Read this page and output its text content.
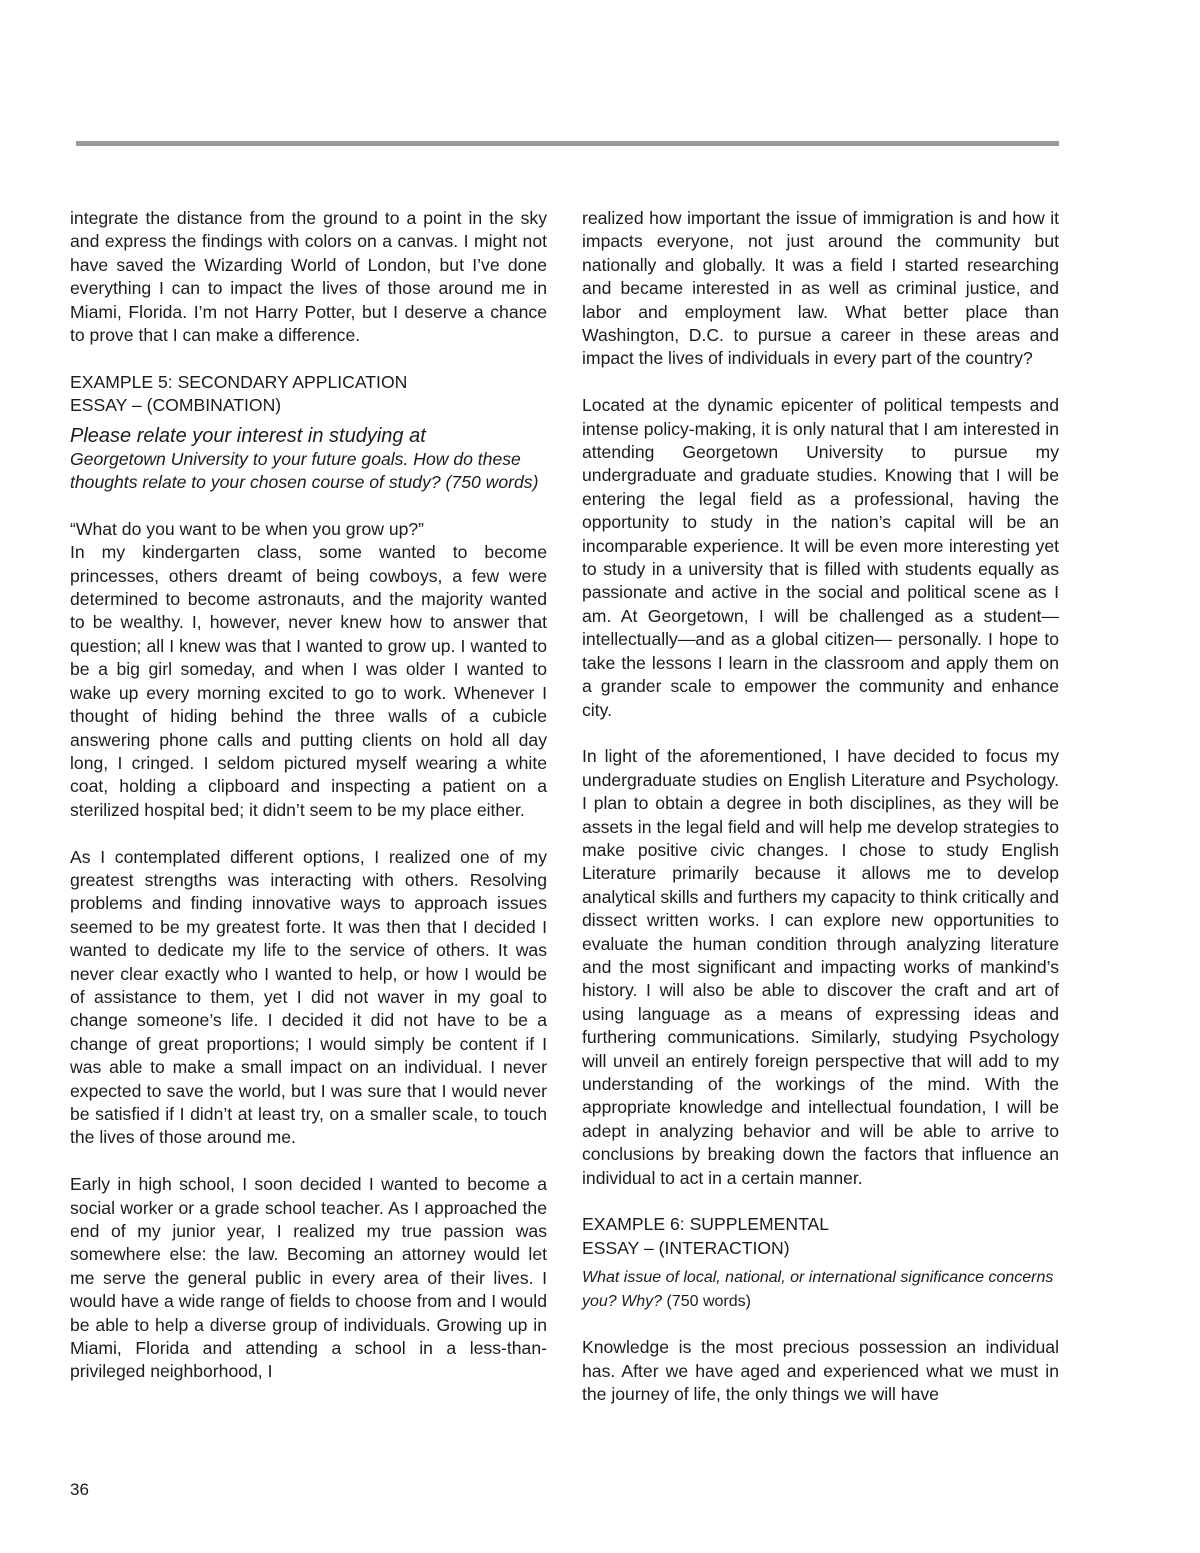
integrate the distance from the ground to a point in the sky and express the findings with colors on a canvas. I might not have saved the Wizarding World of London, but I’ve done everything I can to impact the lives of those around me in Miami, Florida. I’m not Harry Potter, but I deserve a chance to prove that I can make a difference.

EXAMPLE 5: SECONDARY APPLICATION
ESSAY – (COMBINATION)
Please relate your interest in studying at
Georgetown University to your future goals. How do these thoughts relate to your chosen course of study? (750 words)

“What do you want to be when you grow up?”

In my kindergarten class, some wanted to become princesses, others dreamt of being cowboys, a few were determined to become astronauts, and the majority wanted to be wealthy. I, however, never knew how to answer that question; all I knew was that I wanted to grow up. I wanted to be a big girl someday, and when I was older I wanted to wake up every morning excited to go to work. Whenever I thought of hiding behind the three walls of a cubicle answering phone calls and putting clients on hold all day long, I cringed. I seldom pictured myself wearing a white coat, holding a clipboard and inspecting a patient on a sterilized hospital bed; it didn’t seem to be my place either.

As I contemplated different options, I realized one of my greatest strengths was interacting with others. Resolving problems and finding innovative ways to approach issues seemed to be my greatest forte. It was then that I decided I wanted to dedicate my life to the service of others. It was never clear exactly who I wanted to help, or how I would be of assistance to them, yet I did not waver in my goal to change someone’s life. I decided it did not have to be a change of great proportions; I would simply be content if I was able to make a small impact on an individual. I never expected to save the world, but I was sure that I would never be satisfied if I didn’t at least try, on a smaller scale, to touch the lives of those around me.

Early in high school, I soon decided I wanted to become a social worker or a grade school teacher. As I approached the end of my junior year, I realized my true passion was somewhere else: the law. Becoming an attorney would let me serve the general public in every area of their lives. I would have a wide range of fields to choose from and I would be able to help a diverse group of individuals. Growing up in Miami, Florida and attending a school in a less-than- privileged neighborhood, I

realized how important the issue of immigration is and how it impacts everyone, not just around the community but nationally and globally. It was a field I started researching and became interested in as well as criminal justice, and labor and employment law. What better place than Washington, D.C. to pursue a career in these areas and impact the lives of individuals in every part of the country?

Located at the dynamic epicenter of political tempests and intense policy-making, it is only natural that I am interested in attending Georgetown University to pursue my undergraduate and graduate studies. Knowing that I will be entering the legal field as a professional, having the opportunity to study in the nation’s capital will be an incomparable experience. It will be even more interesting yet to study in a university that is filled with students equally as passionate and active in the social and political scene as I am. At Georgetown, I will be challenged as a student—intellectually—and as a global citizen— personally. I hope to take the lessons I learn in the classroom and apply them on a grander scale to empower the community and enhance city.

In light of the aforementioned, I have decided to focus my undergraduate studies on English Literature and Psychology. I plan to obtain a degree in both disciplines, as they will be assets in the legal field and will help me develop strategies to make positive civic changes. I chose to study English Literature primarily because it allows me to develop analytical skills and furthers my capacity to think critically and dissect written works. I can explore new opportunities to evaluate the human condition through analyzing literature and the most significant and impacting works of mankind’s history. I will also be able to discover the craft and art of using language as a means of expressing ideas and furthering communications. Similarly, studying Psychology will unveil an entirely foreign perspective that will add to my understanding of the workings of the mind. With the appropriate knowledge and intellectual foundation, I will be adept in analyzing behavior and will be able to arrive to conclusions by breaking down the factors that influence an individual to act in a certain manner.

EXAMPLE 6: SUPPLEMENTAL
ESSAY – (INTERACTION)
What issue of local, national, or international significance concerns you? Why? (750 words)

Knowledge is the most precious possession an individual has. After we have aged and experienced what we must in the journey of life, the only things we will have

36
